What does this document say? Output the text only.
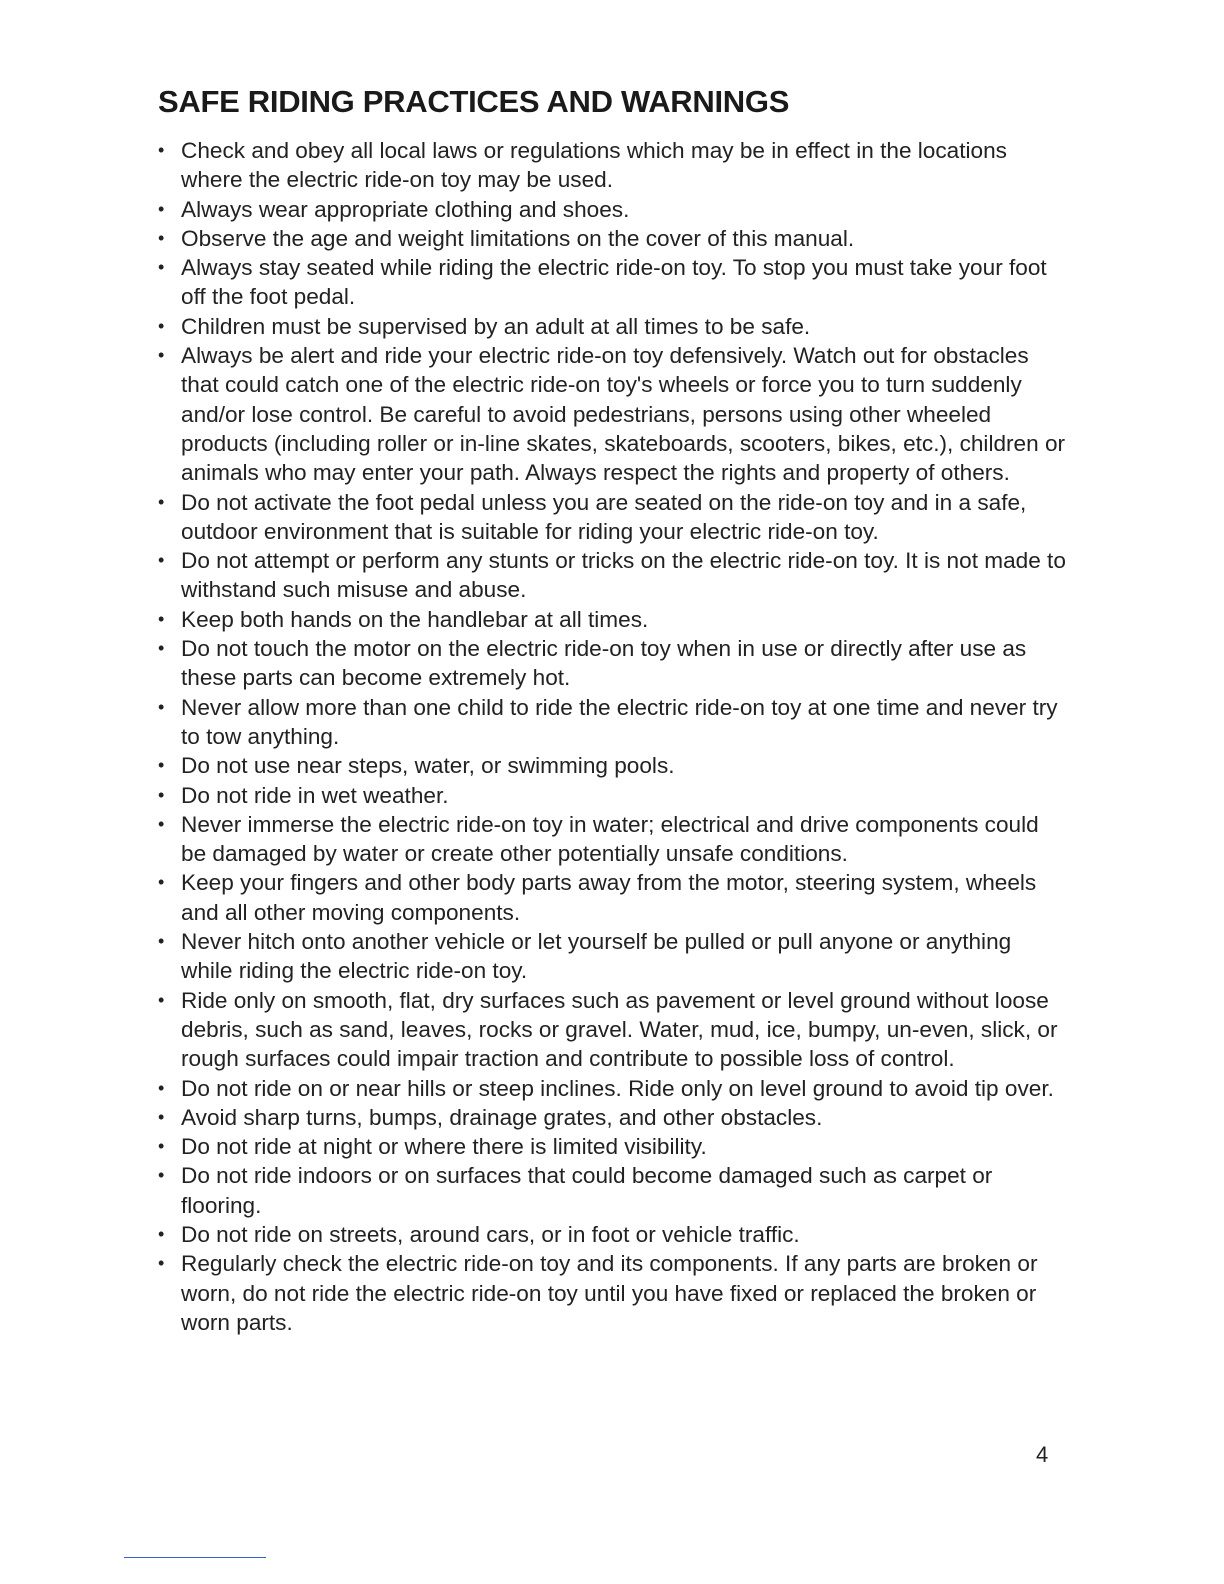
SAFE RIDING PRACTICES AND WARNINGS
• Check and obey all local laws or regulations which may be in effect in the locations where the electric ride-on toy may be used.
• Always wear appropriate clothing and shoes.
• Observe the age and weight limitations on the cover of this manual.
• Always stay seated while riding the electric ride-on toy. To stop you must take your foot off the foot pedal.
• Children must be supervised by an adult at all times to be safe.
• Always be alert and ride your electric ride-on toy defensively. Watch out for obstacles that could catch one of the electric ride-on toy's wheels or force you to turn suddenly and/or lose control. Be careful to avoid pedestrians, persons using other wheeled products (including roller or in-line skates, skateboards, scooters, bikes, etc.), children or animals who may enter your path. Always respect the rights and property of others.
• Do not activate the foot pedal unless you are seated on the ride-on toy and in a safe, outdoor environment that is suitable for riding your electric ride-on toy.
• Do not attempt or perform any stunts or tricks on the electric ride-on toy. It is not made to withstand such misuse and abuse.
• Keep both hands on the handlebar at all times.
• Do not touch the motor on the electric ride-on toy when in use or directly after use as these parts can become extremely hot.
• Never allow more than one child to ride the electric ride-on toy at one time and never try to tow anything.
• Do not use near steps, water, or swimming pools.
• Do not ride in wet weather.
• Never immerse the electric ride-on toy in water; electrical and drive components could be damaged by water or create other potentially unsafe conditions.
• Keep your fingers and other body parts away from the motor, steering system, wheels and all other moving components.
• Never hitch onto another vehicle or let yourself be pulled or pull anyone or anything while riding the electric ride-on toy.
• Ride only on smooth, flat, dry surfaces such as pavement or level ground without loose debris, such as sand, leaves, rocks or gravel. Water, mud, ice, bumpy, un-even, slick, or rough surfaces could impair traction and contribute to possible loss of control.
• Do not ride on or near hills or steep inclines. Ride only on level ground to avoid tip over.
• Avoid sharp turns, bumps, drainage grates, and other obstacles.
• Do not ride at night or where there is limited visibility.
• Do not ride indoors or on surfaces that could become damaged such as carpet or flooring.
• Do not ride on streets, around cars, or in foot or vehicle traffic.
• Regularly check the electric ride-on toy and its components. If any parts are broken or worn, do not ride the electric ride-on toy until you have fixed or replaced the broken or worn parts.
4
